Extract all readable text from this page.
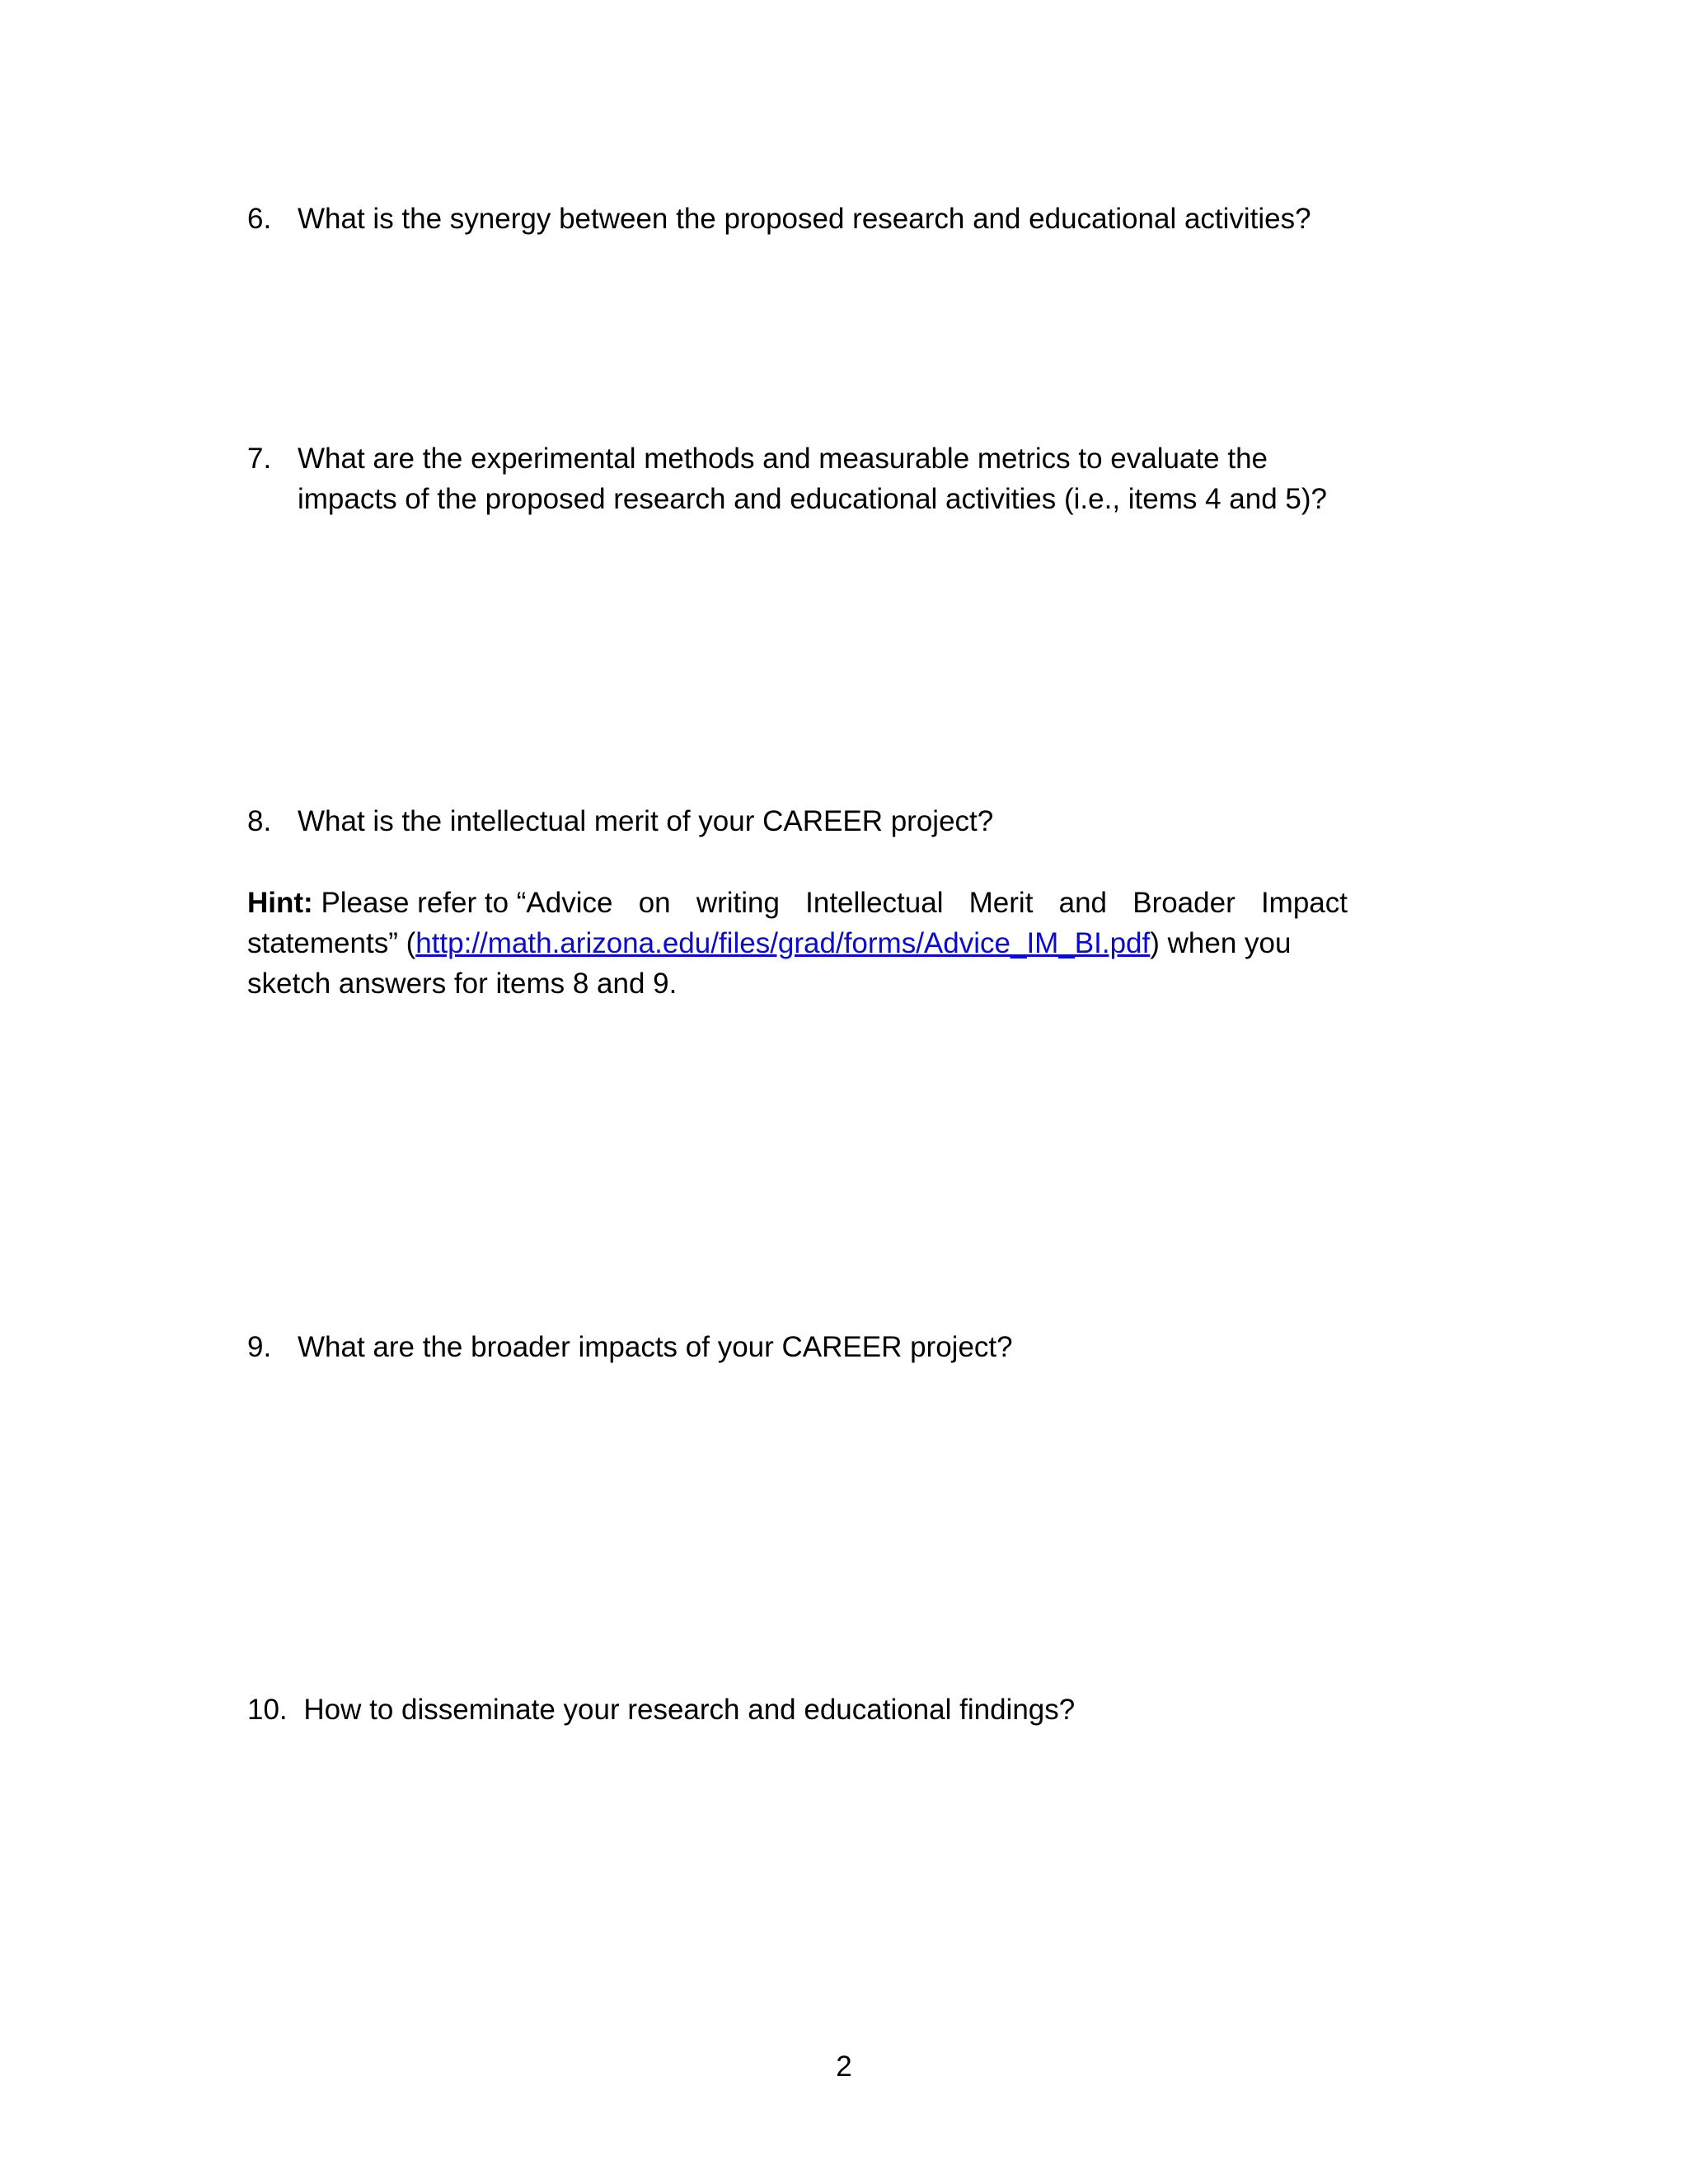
6. What is the synergy between the proposed research and educational activities?
7. What are the experimental methods and measurable metrics to evaluate the
impacts of the proposed research and educational activities (i.e., items 4 and 5)?
8. What is the intellectual merit of your CAREER project?
Hint: Please refer to “Advice on writing Intellectual Merit and Broader Impact
statements” (http://math.arizona.edu/files/grad/forms/Advice_IM_BI.pdf) when you
sketch answers for items 8 and 9.
9. What are the broader impacts of your CAREER project?
10. How to disseminate your research and educational findings?
2
